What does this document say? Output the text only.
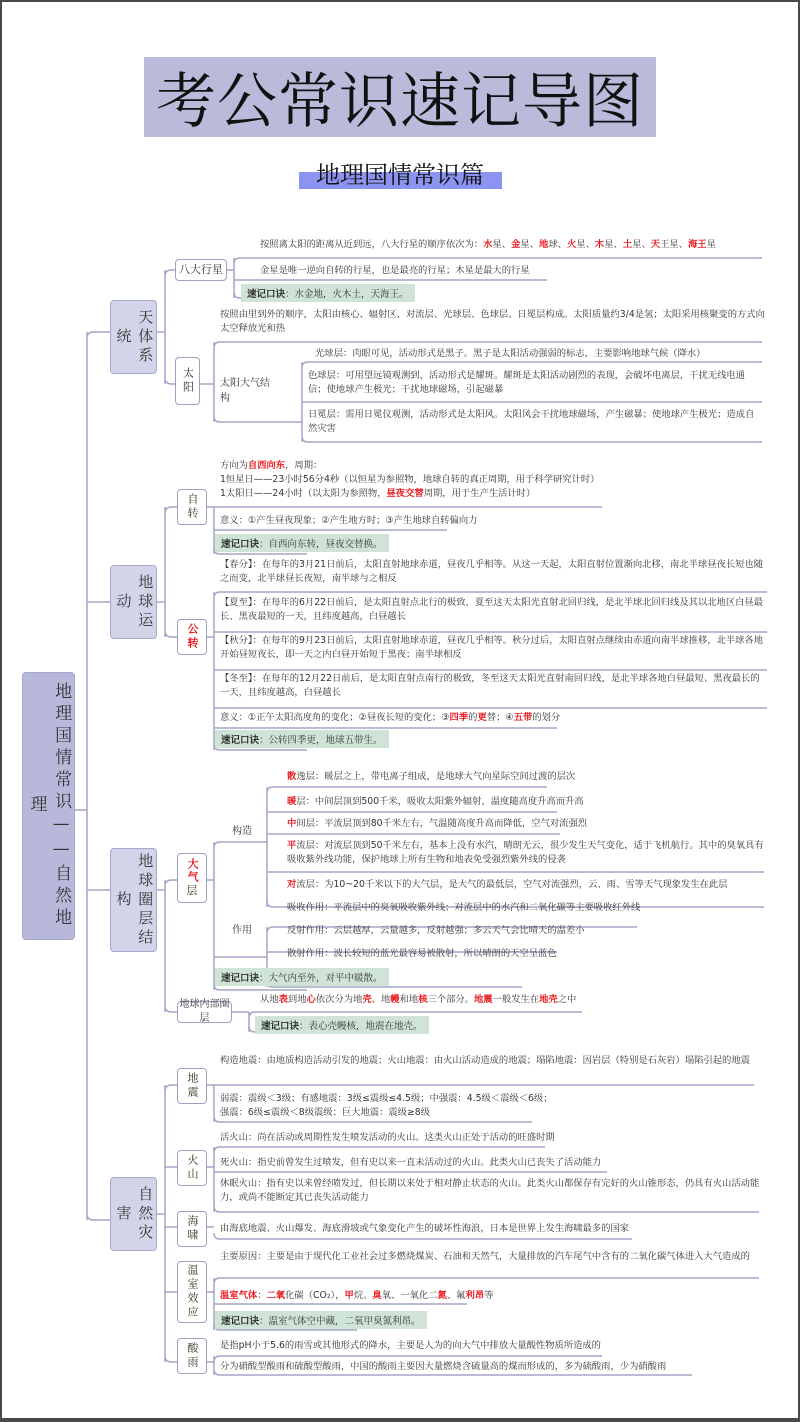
考公常识速记导图
地理国情常识篇
地理国情常识——自然地理
天体系统
八大行星
按照离太阳的距离从近到远，八大行星的顺序依次为：水星、金星、地球、火星、木星、土星、天王星、海王星
金星是唯一逆向自转的行星，也是最亮的行星；木星是最大的行星
速记口诀：水金地，火木土，天海王。
太阳
按照由里到外的顺序，太阳由核心、辐射区、对流层、光球层、色球层、日冕层构成。太阳质量约3/4是氢；太阳采用核聚变的方式向太空释放光和热
太阳大气结构
光球层：肉眼可见，活动形式是黑子。黑子是太阳活动强弱的标志，主要影响地球气候（降水）
色球层：可用望远镜观测到，活动形式是耀斑。耀斑是太阳活动剧烈的表现，会破坏电离层，干扰无线电通信；使地球产生极光；干扰地球磁场，引起磁暴
日冕层：需用日冕仪观测，活动形式是太阳风。太阳风会干扰地球磁场，产生磁暴；使地球产生极光；造成自然灾害
地球运动
自转
方向为自西向东，周期：
1恒星日——23小时56分4秒（以恒星为参照物，地球自转的真正周期，用于科学研究计时）
1太阳日——24小时（以太阳为参照物，昼夜交替周期，用于生产生活计时）
意义：①产生昼夜现象；②产生地方时；③产生地球自转偏向力
速记口诀：自西向东转，昼夜交替换。
公转
【春分】：在每年的3月21日前后，太阳直射地球赤道，昼夜几乎相等。从这一天起，太阳直射位置渐向北移，南北半球昼夜长短也随之而变，北半球昼长夜短，南半球与之相反
【夏至】：在每年的6月22日前后，是太阳直射点北行的极致，夏至这天太阳光直射北回归线，是北半球北回归线及其以北地区白昼最长、黑夜最短的一天，且纬度越高，白昼越长
【秋分】：在每年的9月23日前后，太阳直射地球赤道，昼夜几乎相等。秋分过后，太阳直射点继续由赤道向南半球推移，北半球各地开始昼短夜长，即一天之内白昼开始短于黑夜；南半球相反
【冬至】：在每年的12月22日前后，是太阳直射点南行的极致，冬至这天太阳光直射南回归线，是北半球各地白昼最短、黑夜最长的一天，且纬度越高，白昼越长
意义：①正午太阳高度角的变化；②昼夜长短的变化；③四季的更替；④五带的划分
速记口诀：公转四季更，地球五带生。
地球圈层结构
大气
层
构造
散逸层：暖层之上，带电离子组成，是地球大气向星际空间过渡的层次
暖层：中间层顶到500千米，吸收太阳紫外辐射，温度随高度升高而升高
中间层：平流层顶到80千米左右，气温随高度升高而降低，空气对流强烈
平流层：对流层顶到50千米左右，基本上没有水汽，晴朗无云，很少发生天气变化，适于飞机航行。其中的臭氧具有吸收紫外线功能，保护地球上所有生物和地表免受强烈紫外线的侵袭
对流层：为10~20千米以下的大气层，是大气的最低层，空气对流强烈，云、雨、雪等天气现象发生在此层
作用
吸收作用：平流层中的臭氧吸收紫外线；对流层中的水汽和二氧化碳等主要吸收红外线
反射作用：云层越厚，云量越多，反射越强；多云天气会比晴天的温差小
散射作用：波长较短的蓝光最容易被散射，所以晴朗的天空呈蓝色
速记口诀：大气内至外，对平中暖散。
地球内部圈层
从地表到地心依次分为地壳、地幔和地核三个部分。地震一般发生在地壳之中
速记口诀：表心壳幔核，地震在地壳。
自然灾害
地震
构造地震：由地质构造活动引发的地震；火山地震：由火山活动造成的地震；塌陷地震：因岩层（特别是石灰岩）塌陷引起的地震
弱震：震级＜3级；有感地震：3级≤震级≤4.5级；中强震：4.5级＜震级＜6级；
强震：6级≤震级＜8级震级；巨大地震：震级≥8级
火山
活火山：尚在活动或周期性发生喷发活动的火山。这类火山正处于活动的旺盛时期
死火山：指史前曾发生过喷发，但有史以来一直未活动过的火山。此类火山已丧失了活动能力
休眠火山：指有史以来曾经喷发过，但长期以来处于相对静止状态的火山。此类火山都保存有完好的火山锥形态，仍具有火山活动能力，或尚不能断定其已丧失活动能力
海啸	由海底地震、火山爆发、海底滑坡或气象变化产生的破坏性海浪，日本是世界上发生海啸最多的国家
温室效应
主要原因：主要是由于现代化工业社会过多燃烧煤炭、石油和天然气，大量排放的汽车尾气中含有的二氧化碳气体进入大气造成的
温室气体：二氧化碳（CO₂），甲烷、臭氧、一氧化二氮、氟利昂等
速记口诀：温室气体空中藏，二氧甲臭氮利昂。
酸雨	是指pH小于5.6的雨雪或其他形式的降水，主要是人为的向大气中排放大量酸性物质所造成的
分为硝酸型酸雨和硫酸型酸雨，中国的酸雨主要因大量燃烧含硫量高的煤而形成的，多为硫酸雨，少为硝酸雨
